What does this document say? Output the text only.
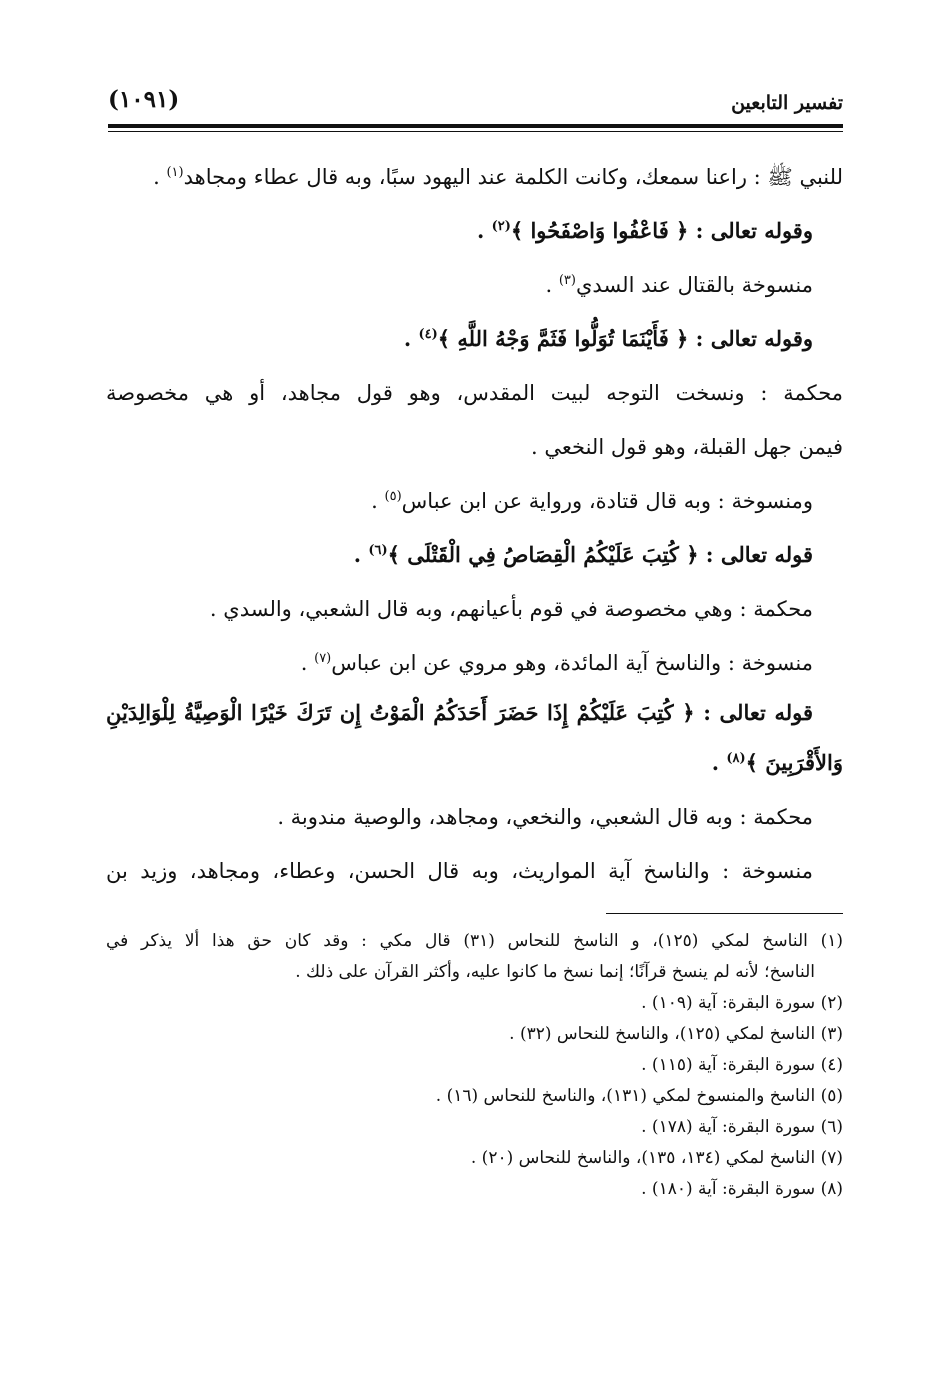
تفسير التابعين
(١٠٩١)
للنبي ﷺ : راعنا سمعك، وكانت الكلمة عند اليهود سبًا، وبه قال عطاء ومجاهد$^{(١)}$ .
وقوله تعالى : ﴿ فَاعْفُوا وَاصْفَحُوا ﴾$^{(٢)}$ .
منسوخة بالقتال عند السدي$^{(٣)}$ .
وقوله تعالى : ﴿ فَأَيْنَمَا تُوَلُّوا فَثَمَّ وَجْهُ اللَّهِ ﴾$^{(٤)}$ .
محكمة : ونسخت التوجه لبيت المقدس، وهو قول مجاهد، أو هي مخصوصة
فيمن جهل القبلة، وهو قول النخعي .
ومنسوخة : وبه قال قتادة، ورواية عن ابن عباس$^{(٥)}$ .
قوله تعالى : ﴿ كُتِبَ عَلَيْكُمُ الْقِصَاصُ فِي الْقَتْلَى ﴾$^{(٦)}$ .
محكمة : وهي مخصوصة في قوم بأعيانهم، وبه قال الشعبي، والسدي .
منسوخة : والناسخ آية المائدة، وهو مروي عن ابن عباس$^{(٧)}$ .
قوله تعالى : ﴿ كُتِبَ عَلَيْكُمْ إِذَا حَضَرَ أَحَدَكُمُ الْمَوْتُ إِن تَرَكَ خَيْرًا الْوَصِيَّةُ لِلْوَالِدَيْنِ
وَالأَقْرَبِينَ ﴾$^{(٨)}$ .
محكمة : وبه قال الشعبي، والنخعي، ومجاهد، والوصية مندوبة .
منسوخة : والناسخ آية المواريث، وبه قال الحسن، وعطاء، ومجاهد، وزيد بن
(١) الناسخ لمكي (١٢٥)، و الناسخ للنحاس (٣١) قال مكي : وقد كان حق هذا ألا يذكر في
الناسخ؛ لأنه لم ينسخ قرآنًا؛ إنما نسخ ما كانوا عليه، وأكثر القرآن على ذلك .
(٢) سورة البقرة: آية (١٠٩) .
(٣) الناسخ لمكي (١٢٥)، والناسخ للنحاس (٣٢) .
(٤) سورة البقرة: آية (١١٥) .
(٥) الناسخ والمنسوخ لمكي (١٣١)، والناسخ للنحاس (١٦) .
(٦) سورة البقرة: آية (١٧٨) .
(٧) الناسخ لمكي (١٣٤، ١٣٥)، والناسخ للنحاس (٢٠) .
(٨) سورة البقرة: آية (١٨٠) .
